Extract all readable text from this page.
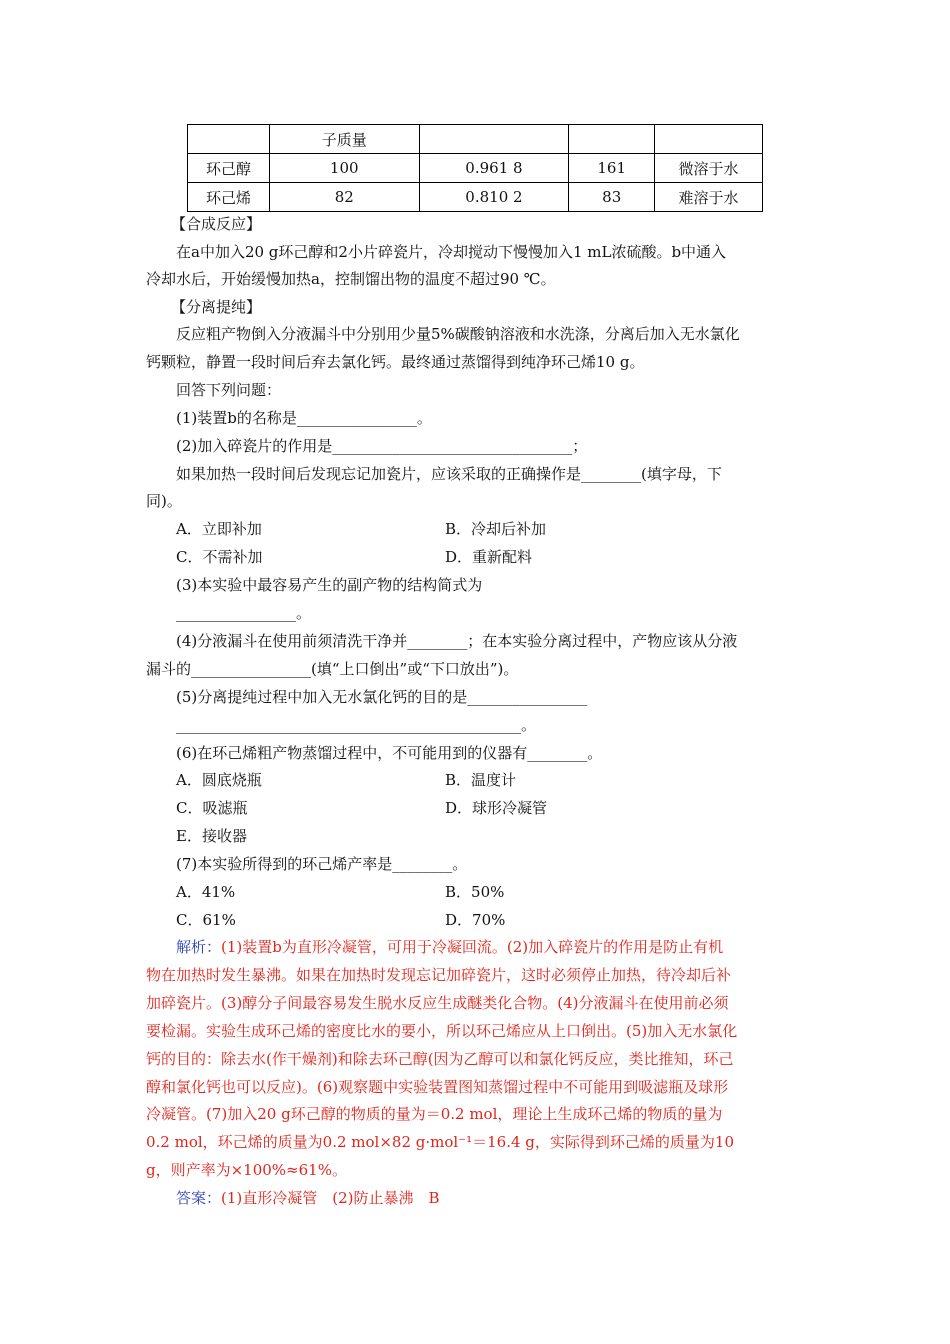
	子质量			
环己醇	100	0.961 8	161	微溶于水
环己烯	82	0.810 2	83	难溶于水
【合成反应】
在a中加入20 g环己醇和2小片碎瓷片，冷却搅动下慢慢加入1 mL浓硫酸。b中通入
冷却水后，开始缓慢加热a，控制馏出物的温度不超过90 ℃。
【分离提纯】
反应粗产物倒入分液漏斗中分别用少量5%碳酸钠溶液和水洗涤，分离后加入无水氯化
钙颗粒，静置一段时间后弃去氯化钙。最终通过蒸馏得到纯净环己烯10 g。
回答下列问题：
(1)装置b的名称是________________。
(2)加入碎瓷片的作用是________________________________；
如果加热一段时间后发现忘记加瓷片，应该采取的正确操作是________(填字母，下
同)。
A．立即补加	B．冷却后补加
C．不需补加	D．重新配料
(3)本实验中最容易产生的副产物的结构简式为
________________。
(4)分液漏斗在使用前须清洗干净并________；在本实验分离过程中，产物应该从分液
漏斗的________________(填“上口倒出”或“下口放出”)。
(5)分离提纯过程中加入无水氯化钙的目的是________________
______________________________________________。
(6)在环己烯粗产物蒸馏过程中，不可能用到的仪器有________。
A．圆底烧瓶	B．温度计
C．吸滤瓶	D．球形冷凝管
E．接收器
(7)本实验所得到的环己烯产率是________。
A．41%	B．50%
C．61%	D．70%
解析：(1)装置b为直形冷凝管，可用于冷凝回流。(2)加入碎瓷片的作用是防止有机
物在加热时发生暴沸。如果在加热时发现忘记加碎瓷片，这时必须停止加热，待冷却后补
加碎瓷片。(3)醇分子间最容易发生脱水反应生成醚类化合物。(4)分液漏斗在使用前必须
要检漏。实验生成环己烯的密度比水的要小，所以环己烯应从上口倒出。(5)加入无水氯化
钙的目的：除去水(作干燥剂)和除去环己醇(因为乙醇可以和氯化钙反应，类比推知，环己
醇和氯化钙也可以反应)。(6)观察题中实验装置图知蒸馏过程中不可能用到吸滤瓶及球形
冷凝管。(7)加入20 g环己醇的物质的量为＝0.2 mol，理论上生成环己烯的物质的量为
0.2 mol，环己烯的质量为0.2 mol×82 g·mol⁻¹＝16.4 g，实际得到环己烯的质量为10
g，则产率为×100%≈61%。
答案：(1)直形冷凝管　(2)防止暴沸　B
